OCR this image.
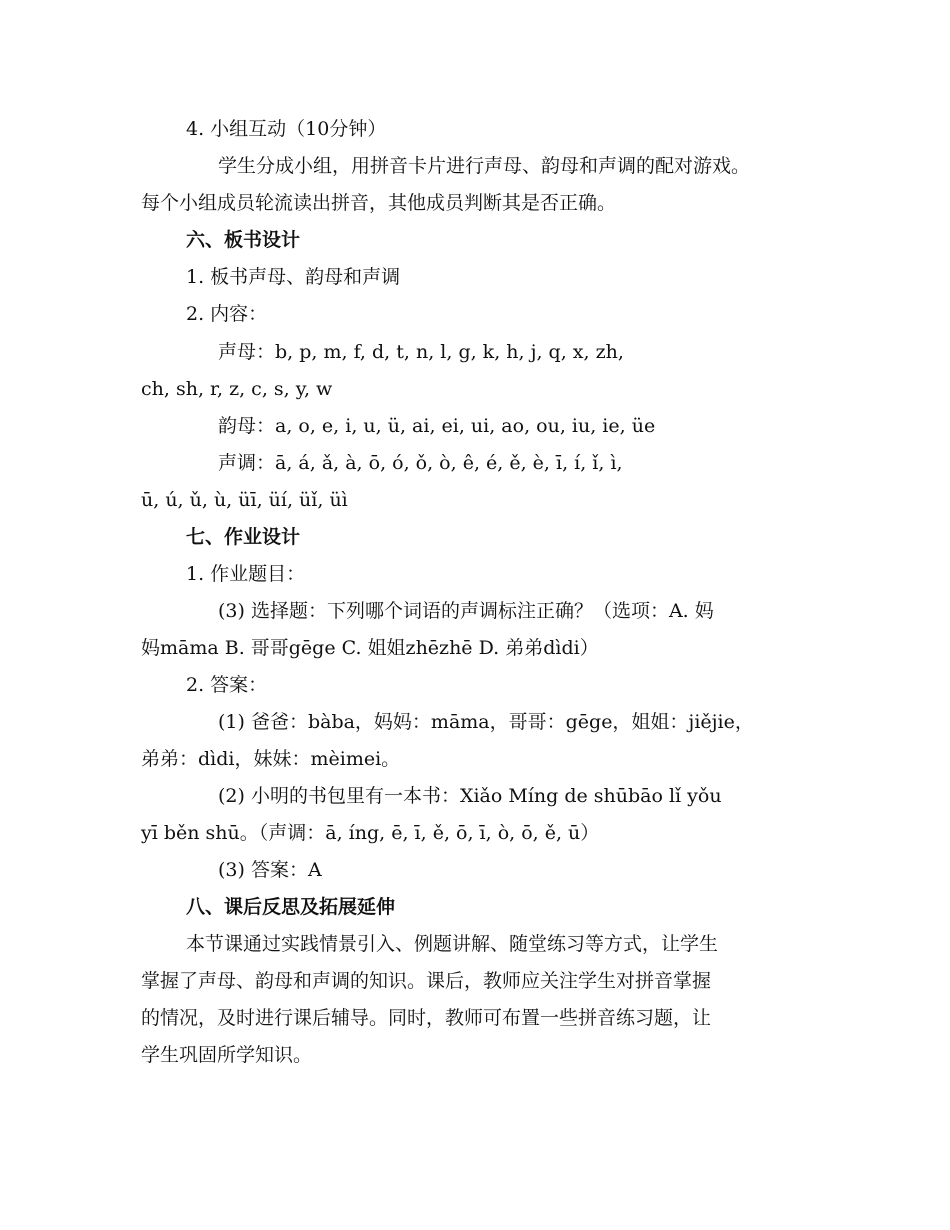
4. 小组互动（10分钟）
学生分成小组，用拼音卡片进行声母、韵母和声调的配对游戏。
每个小组成员轮流读出拼音，其他成员判断其是否正确。
六、板书设计
1. 板书声母、韵母和声调
2. 内容：
声母：b, p, m, f, d, t, n, l, g, k, h, j, q, x, zh,
ch, sh, r, z, c, s, y, w
韵母：a, o, e, i, u, ü, ai, ei, ui, ao, ou, iu, ie, üe
声调：ā, á, ǎ, à, ō, ó, ǒ, ò, ê, é, ě, è, ī, í, ǐ, ì,
ū, ú, ǔ, ù, üī, üí, üǐ, üì
七、作业设计
1. 作业题目：
(3) 选择题：下列哪个词语的声调标注正确？（选项：A. 妈
妈māma B. 哥哥gēge C. 姐姐zhēzhē D. 弟弟dìdi）
2. 答案：
(1) 爸爸：bàba，妈妈：māma，哥哥：gēge，姐姐：jiějie，
弟弟：dìdi，妹妹：mèimei。
(2) 小明的书包里有一本书：Xiǎo Míng de shūbāo lǐ yǒu
yī běn shū。（声调：ā, íng, ē, ī, ě, ō, ī, ò, ō, ě, ū）
(3) 答案：A
八、课后反思及拓展延伸
本节课通过实践情景引入、例题讲解、随堂练习等方式，让学生
掌握了声母、韵母和声调的知识。课后，教师应关注学生对拼音掌握
的情况，及时进行课后辅导。同时，教师可布置一些拼音练习题，让
学生巩固所学知识。
